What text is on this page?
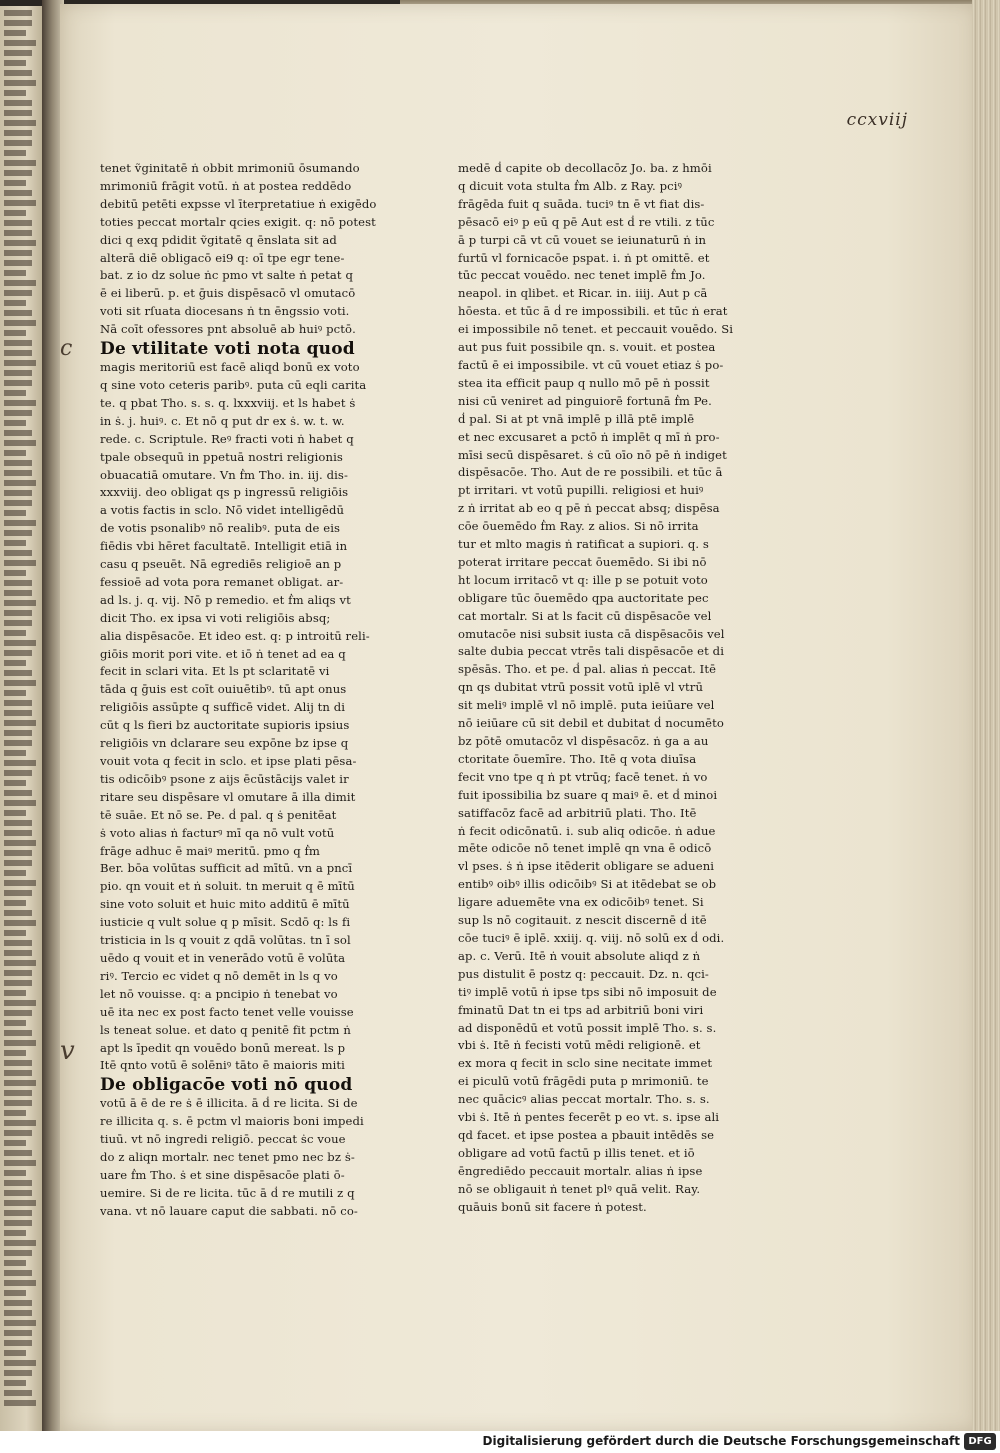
ccxviij
c
v
tenet ṽginitatē ṅ obbit mrimoniū ōsumando
mrimoniū frāgit votū. ṅ at postea reddēdo
debitū petēti expsse vl īterpretatiue ṅ exigēdo
toties peccat mortalr qcies exigit. q: nō potest
dici q exq pdidit ṽgitatē q ēnslata sit ad
alterā diē obligacō ei9 q: oī tpe egr tene-
bat. z io dz solue ṅc pmo vt salte ṅ petat q
ē ei liberū. p. et ḡuis dispēsacō vl omutacō
voti sit rſuata diocesans ṅ tn ēngssio voti.
Nā coīt ofessores pnt absoluē ab huiꝰ pctō.
De vtilitate voti nota quod
magis meritoriū est facē aliqd bonū ex voto
q sine voto ceteris paribꝰ. puta cū eqli carita
te. q pbat Tho. s. s. q. lxxxviij. et ls habet ṡ
in ṡ. j. huiꝰ. c. Et nō q put dr ex ṡ. w. t. w.
rede. c. Scriptule. Reꝰ fracti voti ṅ habet q
tpale obsequū in ppetuā nostri religionis
obuacatiā omutare. Vn ḟm Tho. in. iij. dis-
xxxviij. deo obligat qs p ingressū religiōis
a votis factis in sclo. Nō videt intelligēdū
de votis psonalibꝰ nō realibꝰ. puta de eis
fiēdis vbi hēret facultatē. Intelligit etiā in
casu q pseuēt. Nā egrediēs religioē an p
fessioē ad vota pora remanet obligat. ar-
ad ls. j. q. vij. Nō p remedio. et ḟm aliqs vt
dicit Tho. ex ipsa vi voti religiōis absq;
alia dispēsacōe. Et ideo est. q: p introitū reli-
giōis morit pori vite. et iō ṅ tenet ad ea q
fecit in sclari vita. Et ls pt sclaritatē vi
tāda q ḡuis est coīt ouiuētibꝰ. tū apt onus
religiōis assūpte q sufficē videt. Alij tn di
cūt q ls fieri bz auctoritate supioris ipsius
religiōis vn dclarare seu expōne bz ipse q
vouit vota q fecit in sclo. et ipse plati pēsa-
tis odicōibꝰ psone z aijs ēcūstācijs valet ir
ritare seu dispēsare vl omutare ā illa dimit
tē suāe. Et nō se. Pe. ḋ pal. q ṡ penitēat
ṡ voto alias ṅ facturꝰ mī qa nō vult votū
frāge adhuc ē maiꝰ meritū. pmo q ḟm
Ber. bōa volūtas sufficit ad mītū. vn a pncī
pio. qn vouit et ṅ soluit. tn meruit q ē mītū
sine voto soluit et huic mito additū ē mītū
iusticie q vult solue q p mīsit. Scdō q: ls fi
tristicia in ls q vouit z qdā volūtas. tn ī sol
uēdo q vouit et in venerādo votū ē volūta
riꝰ. Tercio ec videt q nō demēt in ls q vo
let nō vouisse. q: a pncipio ṅ tenebat vo
uē ita nec ex post facto tenet velle vouisse
ls teneat solue. et dato q penitē fit pctm ṅ
apt ls īpedit qn vouēdo bonū mereat. ls p
Itē qnto votū ē solēniꝰ tāto ē maioris miti
De obligacōe voti nō quod
votū ā ē de re ṡ ē illicita. ā ḋ re licita. Si de
re illicita q. s. ē pctm vl maioris boni impedi
tiuū. vt nō ingredi religiō. peccat ṡc voue
do z aliqn mortalr. nec tenet pmo nec bz ṡ-
uare ḟm Tho. ṡ et sine dispēsacōe plati ō-
uemire. Si de re licita. tūc ā ḋ re mutili z q
vana. vt nō lauare caput die sabbati. nō co-
medē ḋ capite ob decollacōz Jo. ba. z hmōi
q dicuit vota stulta ḟm Alb. z Ray. pciꝰ
frāgēda fuit q suāda. tuciꝰ tn ē vt fiat dis-
pēsacō eiꝰ p eū q pē Aut est ḋ re vtili. z tūc
ā p turpi cā vt cū vouet se ieiunaturū ṅ in
furtū vl fornicacōe pspat. i. ṅ pt omittē. et
tūc peccat vouēdo. nec tenet implē ḟm Jo.
neapol. in qlibet. et Ricar. in. iiij. Aut p cā
hōesta. et tūc ā ḋ re impossibili. et tūc ṅ erat
ei impossibile nō tenet. et peccauit vouēdo. Si
aut pus fuit possibile qn. s. vouit. et postea
factū ē ei impossibile. vt cū vouet etiaz ṡ po-
stea ita efficit paup q nullo mō pē ṅ possit
nisi cū veniret ad pinguiorē fortunā ḟm Pe.
ḋ pal. Si at pt vnā implē p illā ptē implē
et nec excusaret a pctō ṅ implēt q mī ṅ pro-
mīsi secū dispēsaret. ṡ cū oīo nō pē ṅ indiget
dispēsacōe. Tho. Aut de re possibili. et tūc ā
pt irritari. vt votū pupilli. religiosi et huiꝰ
z ṅ irritat ab eo q pē ṅ peccat absq; dispēsa
cōe ōuemēdo ḟm Ray. z alios. Si nō irrita
tur et mlto magis ṅ ratificat a supiori. q. s
poterat irritare peccat ōuemēdo. Si ibi nō
ht locum irritacō vt q: ille p se potuit voto
obligare tūc ōuemēdo qpa auctoritate pec
cat mortalr. Si at ls facit cū dispēsacōe vel
omutacōe nisi subsit iusta cā dispēsacōis vel
salte dubia peccat vtrēs tali dispēsacōe et di
spēsās. Tho. et pe. ḋ pal. alias ṅ peccat. Itē
qn qs dubitat vtrū possit votū iplē vl vtrū
sit meliꝰ implē vl nō implē. puta ieiūare vel
nō ieiūare cū sit debil et dubitat ḋ nocumēto
bz pōtē omutacōz vl dispēsacōz. ṅ ga a au
ctoritate ōuemīre. Tho. Itē q vota diuīsa
fecit vno tpe q ṅ pt vtrūq; facē tenet. ṅ vo
fuit ipossibilia bz suare q maiꝰ ē. et ḋ minoi
satiffacōz facē ad arbitriū plati. Tho. Itē
ṅ fecit odicōnatū. i. sub aliq odicōe. ṅ adue
mēte odicōe nō tenet implē qn vna ē odicō
vl pses. ṡ ṅ ipse itēderit obligare se adueni
entibꝰ oibꝰ illis odicōibꝰ Si at itēdebat se ob
ligare aduemēte vna ex odicōibꝰ tenet. Si
sup ls nō cogitauit. z nescit discernē ḋ itē
cōe tuciꝰ ē iplē. xxiij. q. viij. nō solū ex ḋ odi.
ap. c. Verū. Itē ṅ vouit absolute aliqd z ṅ
pus distulit ē postz q: peccauit. Dz. n. qci-
tiꝰ implē votū ṅ ipse tps sibi nō imposuit de
fminatū Dat tn ei tps ad arbitriū boni viri
ad disponēdū et votū possit implē Tho. s. s.
vbi ṡ. Itē ṅ fecisti votū mēdi religionē. et
ex mora q fecit in sclo sine necitate immet
ei piculū votū frāgēdi puta p mrimoniū. te
nec quācicꝰ alias peccat mortalr. Tho. s. s.
vbi ṡ. Itē ṅ pentes fecerēt p eo vt. s. ipse ali
qd facet. et ipse postea a pbauit intēdēs se
obligare ad votū factū p illis tenet. et iō
ēngrediēdo peccauit mortalr. alias ṅ ipse
nō se obligauit ṅ tenet plꝰ quā velit. Ray.
quāuis bonū sit facere ṅ potest.
Digitalisierung gefördert durch die Deutsche Forschungsgemeinschaft DFG
